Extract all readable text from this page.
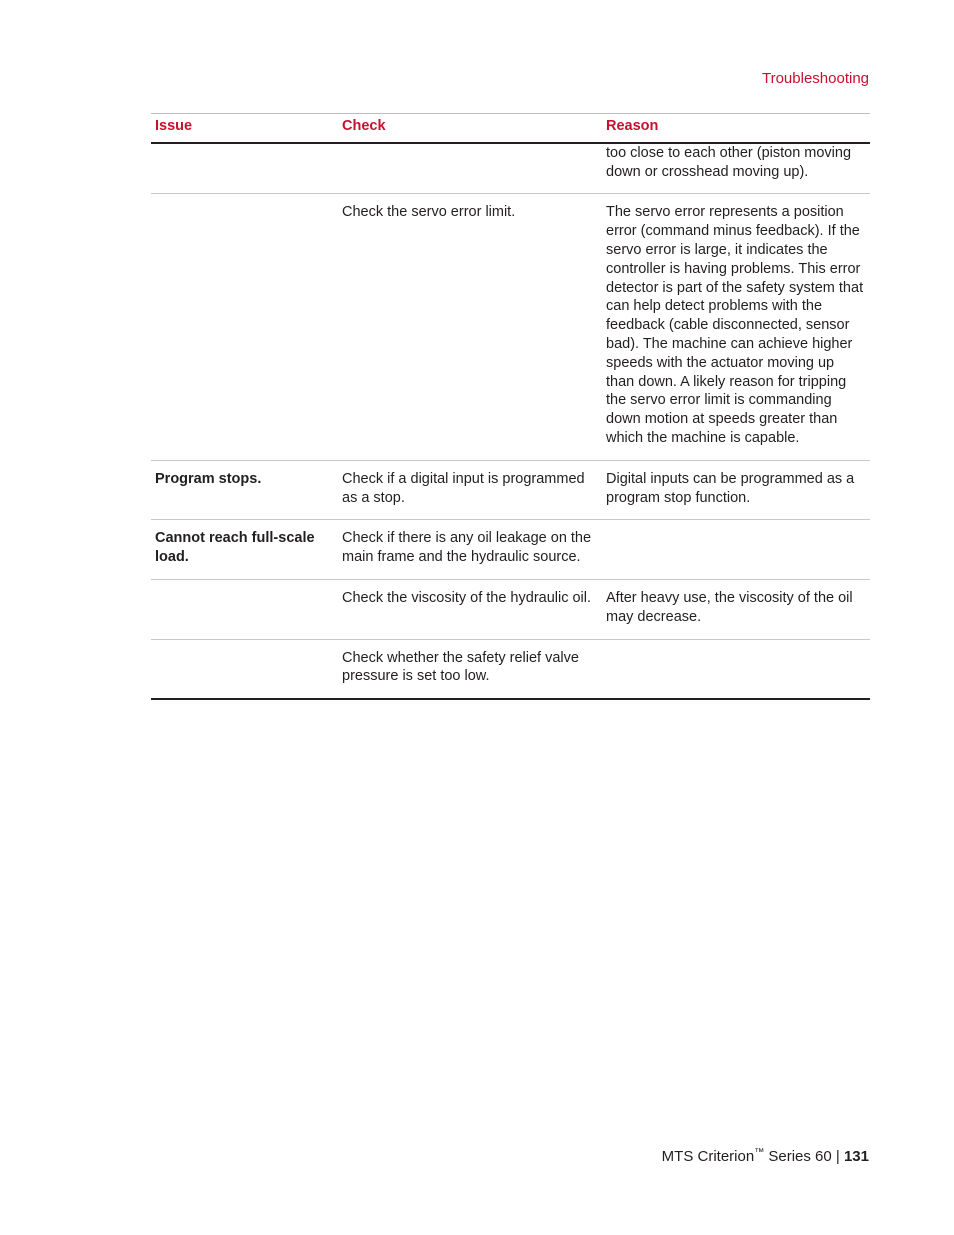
Troubleshooting
Issue	Check	Reason
		too close to each other (piston moving down or crosshead moving up).
	Check the servo error limit.	The servo error represents a position error (command minus feedback). If the servo error is large, it indicates the controller is having problems. This error detector is part of the safety system that can help detect problems with the feedback (cable disconnected, sensor bad). The machine can achieve higher speeds with the actuator moving up than down. A likely reason for tripping the servo error limit is commanding down motion at speeds greater than which the machine is capable.
Program stops.	Check if a digital input is programmed as a stop.	Digital inputs can be programmed as a program stop function.
Cannot reach full-scale load.	Check if there is any oil leakage on the main frame and the hydraulic source.	
	Check the viscosity of the hydraulic oil.	After heavy use, the viscosity of the oil may decrease.
	Check whether the safety relief valve pressure is set too low.	
MTS Criterion™ Series 60 | 131
